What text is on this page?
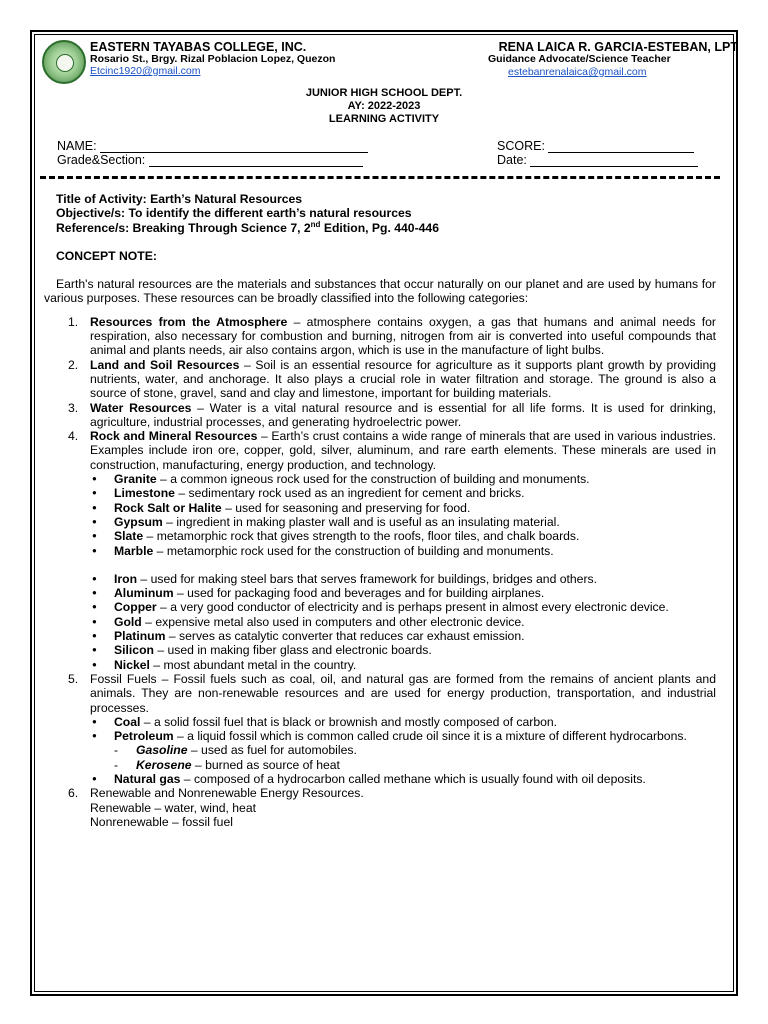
EASTERN TAYABAS COLLEGE, INC.
Rosario St., Brgy. Rizal Poblacion Lopez, Quezon
Etcinc1920@gmail.com
RENA LAICA R. GARCIA-ESTEBAN, LPT
Guidance Advocate/Science Teacher
estebanrenalaica@gmail.com
JUNIOR HIGH SCHOOL DEPT.
AY: 2022-2023
LEARNING ACTIVITY
NAME:
Grade&Section:
SCORE:
Date:

Title of Activity: Earth’s Natural Resources

Objective/s: To identify the different earth’s natural resources

Reference/s: Breaking Through Science 7, 2nd Edition, Pg. 440-446

CONCEPT NOTE:

Earth's natural resources are the materials and substances that occur naturally on our planet and are used by humans for various purposes. These resources can be broadly classified into the following categories:

1. Resources from the Atmosphere – atmosphere contains oxygen, a gas that humans and animal needs for respiration, also necessary for combustion and burning, nitrogen from air is converted into useful compounds that animal and plants needs, air also contains argon, which is use in the manufacture of light bulbs.
2. Land and Soil Resources – Soil is an essential resource for agriculture as it supports plant growth by providing nutrients, water, and anchorage. It also plays a crucial role in water filtration and storage. The ground is also a source of stone, gravel, sand and clay and limestone, important for building materials.
3. Water Resources – Water is a vital natural resource and is essential for all life forms. It is used for drinking, agriculture, industrial processes, and generating hydroelectric power.
4. Rock and Mineral Resources – Earth’s crust contains a wide range of minerals that are used in various industries. Examples include iron ore, copper, gold, silver, aluminum, and rare earth elements. These minerals are used in construction, manufacturing, energy production, and technology.
● Granite – a common igneous rock used for the construction of building and monuments.
● Limestone – sedimentary rock used as an ingredient for cement and bricks.
● Rock Salt or Halite – used for seasoning and preserving for food.
● Gypsum – ingredient in making plaster wall and is useful as an insulating material.
● Slate – metamorphic rock that gives strength to the roofs, floor tiles, and chalk boards.
● Marble – metamorphic rock used for the construction of building and monuments.
● Iron – used for making steel bars that serves framework for buildings, bridges and others.
● Aluminum – used for packaging food and beverages and for building airplanes.
● Copper – a very good conductor of electricity and is perhaps present in almost every electronic device.
● Gold – expensive metal also used in computers and other electronic device.
● Platinum – serves as catalytic converter that reduces car exhaust emission.
● Silicon – used in making fiber glass and electronic boards.
● Nickel – most abundant metal in the country.
5. Fossil Fuels – Fossil fuels such as coal, oil, and natural gas are formed from the remains of ancient plants and animals. They are non-renewable resources and are used for energy production, transportation, and industrial processes.
● Coal – a solid fossil fuel that is black or brownish and mostly composed of carbon.
● Petroleum – a liquid fossil which is common called crude oil since it is a mixture of different hydrocarbons.
- Gasoline – used as fuel for automobiles.
- Kerosene – burned as source of heat
● Natural gas – composed of a hydrocarbon called methane which is usually found with oil deposits.
6. Renewable and Nonrenewable Energy Resources.
Renewable – water, wind, heat
Nonrenewable – fossil fuel
